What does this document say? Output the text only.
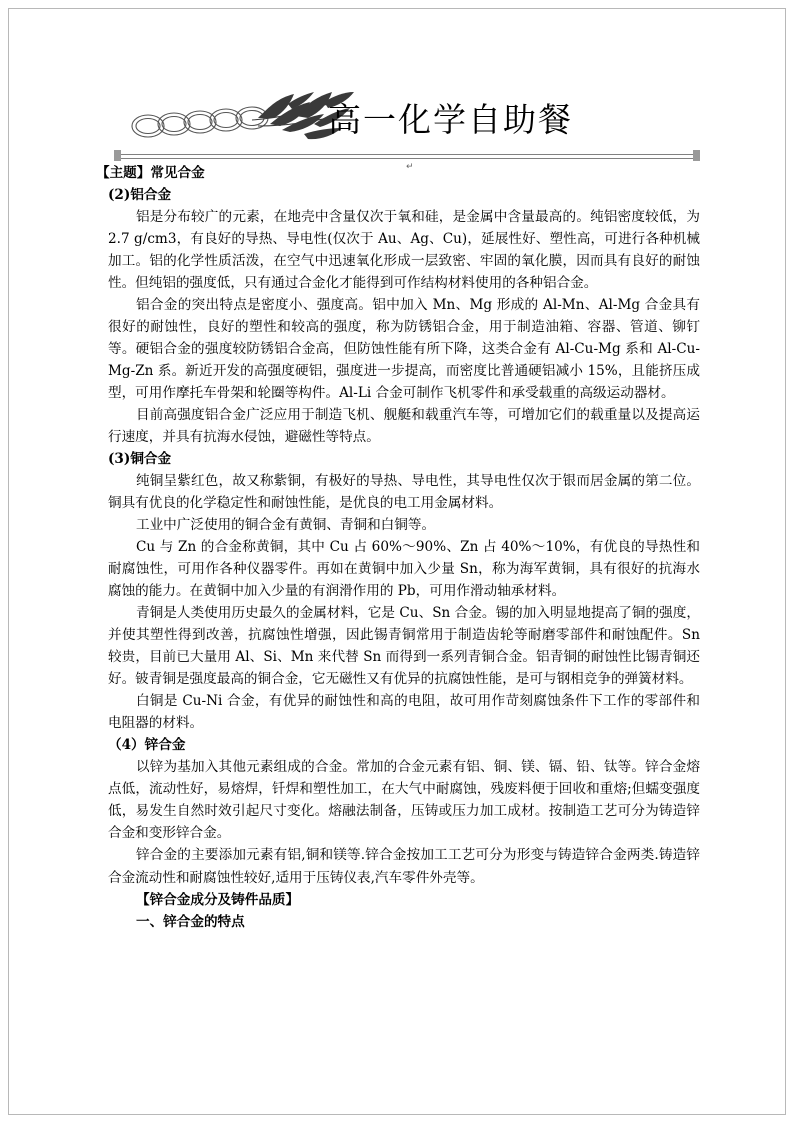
高一化学自助餐
↵

【主题】常见合金

(2)铝合金

铝是分布较广的元素，在地壳中含量仅次于氧和硅，是金属中含量最高的。纯铝密度较低，为 2.7 g/cm3，有良好的导热、导电性(仅次于 Au、Ag、Cu)，延展性好、塑性高，可进行各种机械加工。铝的化学性质活泼，在空气中迅速氧化形成一层致密、牢固的氧化膜，因而具有良好的耐蚀性。但纯铝的强度低，只有通过合金化才能得到可作结构材料使用的各种铝合金。

铝合金的突出特点是密度小、强度高。铝中加入 Mn、Mg 形成的 Al-Mn、Al-Mg 合金具有很好的耐蚀性，良好的塑性和较高的强度，称为防锈铝合金，用于制造油箱、容器、管道、铆钉等。硬铝合金的强度较防锈铝合金高，但防蚀性能有所下降，这类合金有 Al-Cu-Mg 系和 Al-Cu-Mg-Zn 系。新近开发的高强度硬铝，强度进一步提高，而密度比普通硬铝减小 15%，且能挤压成型，可用作摩托车骨架和轮圈等构件。Al-Li 合金可制作飞机零件和承受载重的高级运动器材。

目前高强度铝合金广泛应用于制造飞机、舰艇和载重汽车等，可增加它们的载重量以及提高运行速度，并具有抗海水侵蚀，避磁性等特点。

(3)铜合金

纯铜呈紫红色，故又称紫铜，有极好的导热、导电性，其导电性仅次于银而居金属的第二位。铜具有优良的化学稳定性和耐蚀性能，是优良的电工用金属材料。

工业中广泛使用的铜合金有黄铜、青铜和白铜等。

Cu 与 Zn 的合金称黄铜，其中 Cu 占 60%～90%、Zn 占 40%～10%，有优良的导热性和耐腐蚀性，可用作各种仪器零件。再如在黄铜中加入少量 Sn，称为海军黄铜，具有很好的抗海水腐蚀的能力。在黄铜中加入少量的有润滑作用的 Pb，可用作滑动轴承材料。

青铜是人类使用历史最久的金属材料，它是 Cu、Sn 合金。锡的加入明显地提高了铜的强度，并使其塑性得到改善，抗腐蚀性增强，因此锡青铜常用于制造齿轮等耐磨零部件和耐蚀配件。Sn 较贵，目前已大量用 Al、Si、Mn 来代替 Sn 而得到一系列青铜合金。铝青铜的耐蚀性比锡青铜还好。铍青铜是强度最高的铜合金，它无磁性又有优异的抗腐蚀性能，是可与钢相竞争的弹簧材料。

白铜是 Cu-Ni 合金，有优异的耐蚀性和高的电阻，故可用作苛刻腐蚀条件下工作的零部件和电阻器的材料。

（4）锌合金

以锌为基加入其他元素组成的合金。常加的合金元素有铝、铜、镁、镉、铅、钛等。锌合金熔点低，流动性好，易熔焊，钎焊和塑性加工，在大气中耐腐蚀，残废料便于回收和重熔;但蠕变强度低，易发生自然时效引起尺寸变化。熔融法制备，压铸或压力加工成材。按制造工艺可分为铸造锌合金和变形锌合金。

锌合金的主要添加元素有铝,铜和镁等.锌合金按加工工艺可分为形变与铸造锌合金两类.铸造锌合金流动性和耐腐蚀性较好,适用于压铸仪表,汽车零件外壳等。

【锌合金成分及铸件品质】

一、锌合金的特点
